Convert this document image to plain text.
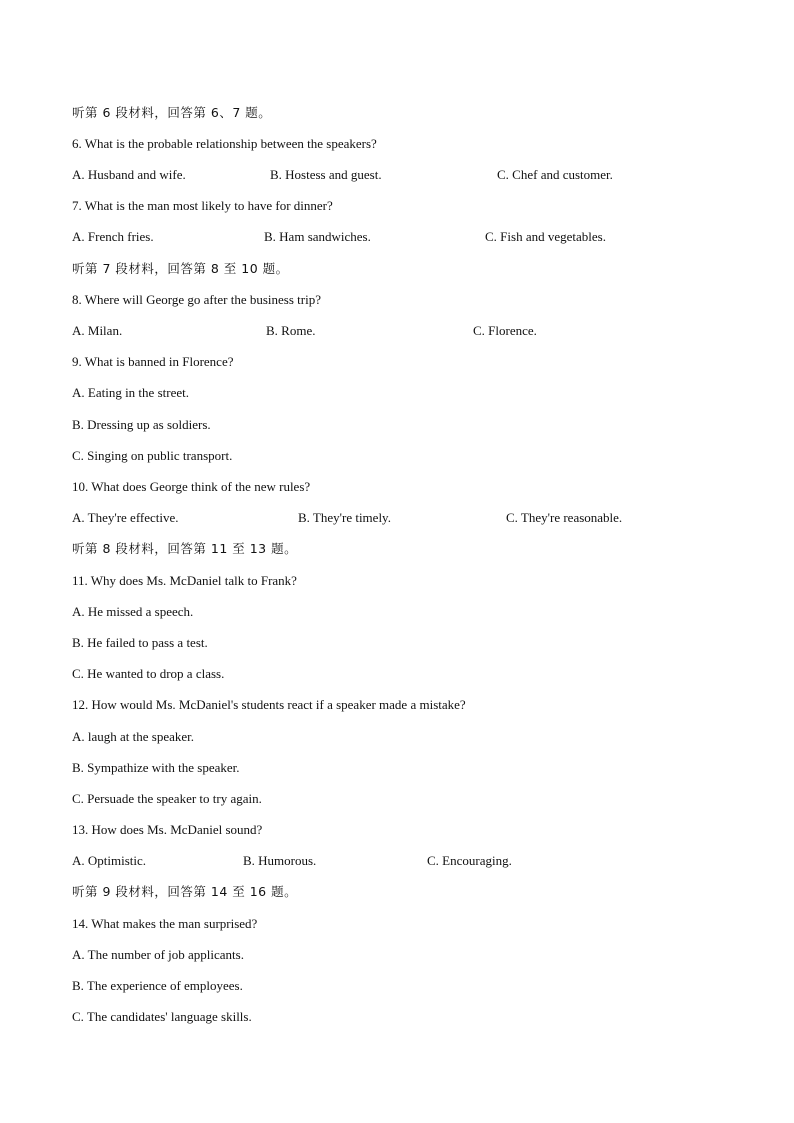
听第 6 段材料，回答第 6、7 题。
6. What is the probable relationship between the speakers?
A. Husband and wife.	B. Hostess and guest.	C. Chef and customer.
7. What is the man most likely to have for dinner?
A. French fries.	B. Ham sandwiches.	C. Fish and vegetables.
听第 7 段材料，回答第 8 至 10 题。
8. Where will George go after the business trip?
A. Milan.	B. Rome.	C. Florence.
9. What is banned in Florence?
A. Eating in the street.
B. Dressing up as soldiers.
C. Singing on public transport.
10. What does George think of the new rules?
A. They're effective.	B. They're timely.	C. They're reasonable.
听第 8 段材料，回答第 11 至 13 题。
11. Why does Ms. McDaniel talk to Frank?
A. He missed a speech.
B. He failed to pass a test.
C. He wanted to drop a class.
12. How would Ms. McDaniel's students react if a speaker made a mistake?
A. laugh at the speaker.
B. Sympathize with the speaker.
C. Persuade the speaker to try again.
13. How does Ms. McDaniel sound?
A. Optimistic.	B. Humorous.	C. Encouraging.
听第 9 段材料，回答第 14 至 16 题。
14. What makes the man surprised?
A. The number of job applicants.
B. The experience of employees.
C. The candidates' language skills.
